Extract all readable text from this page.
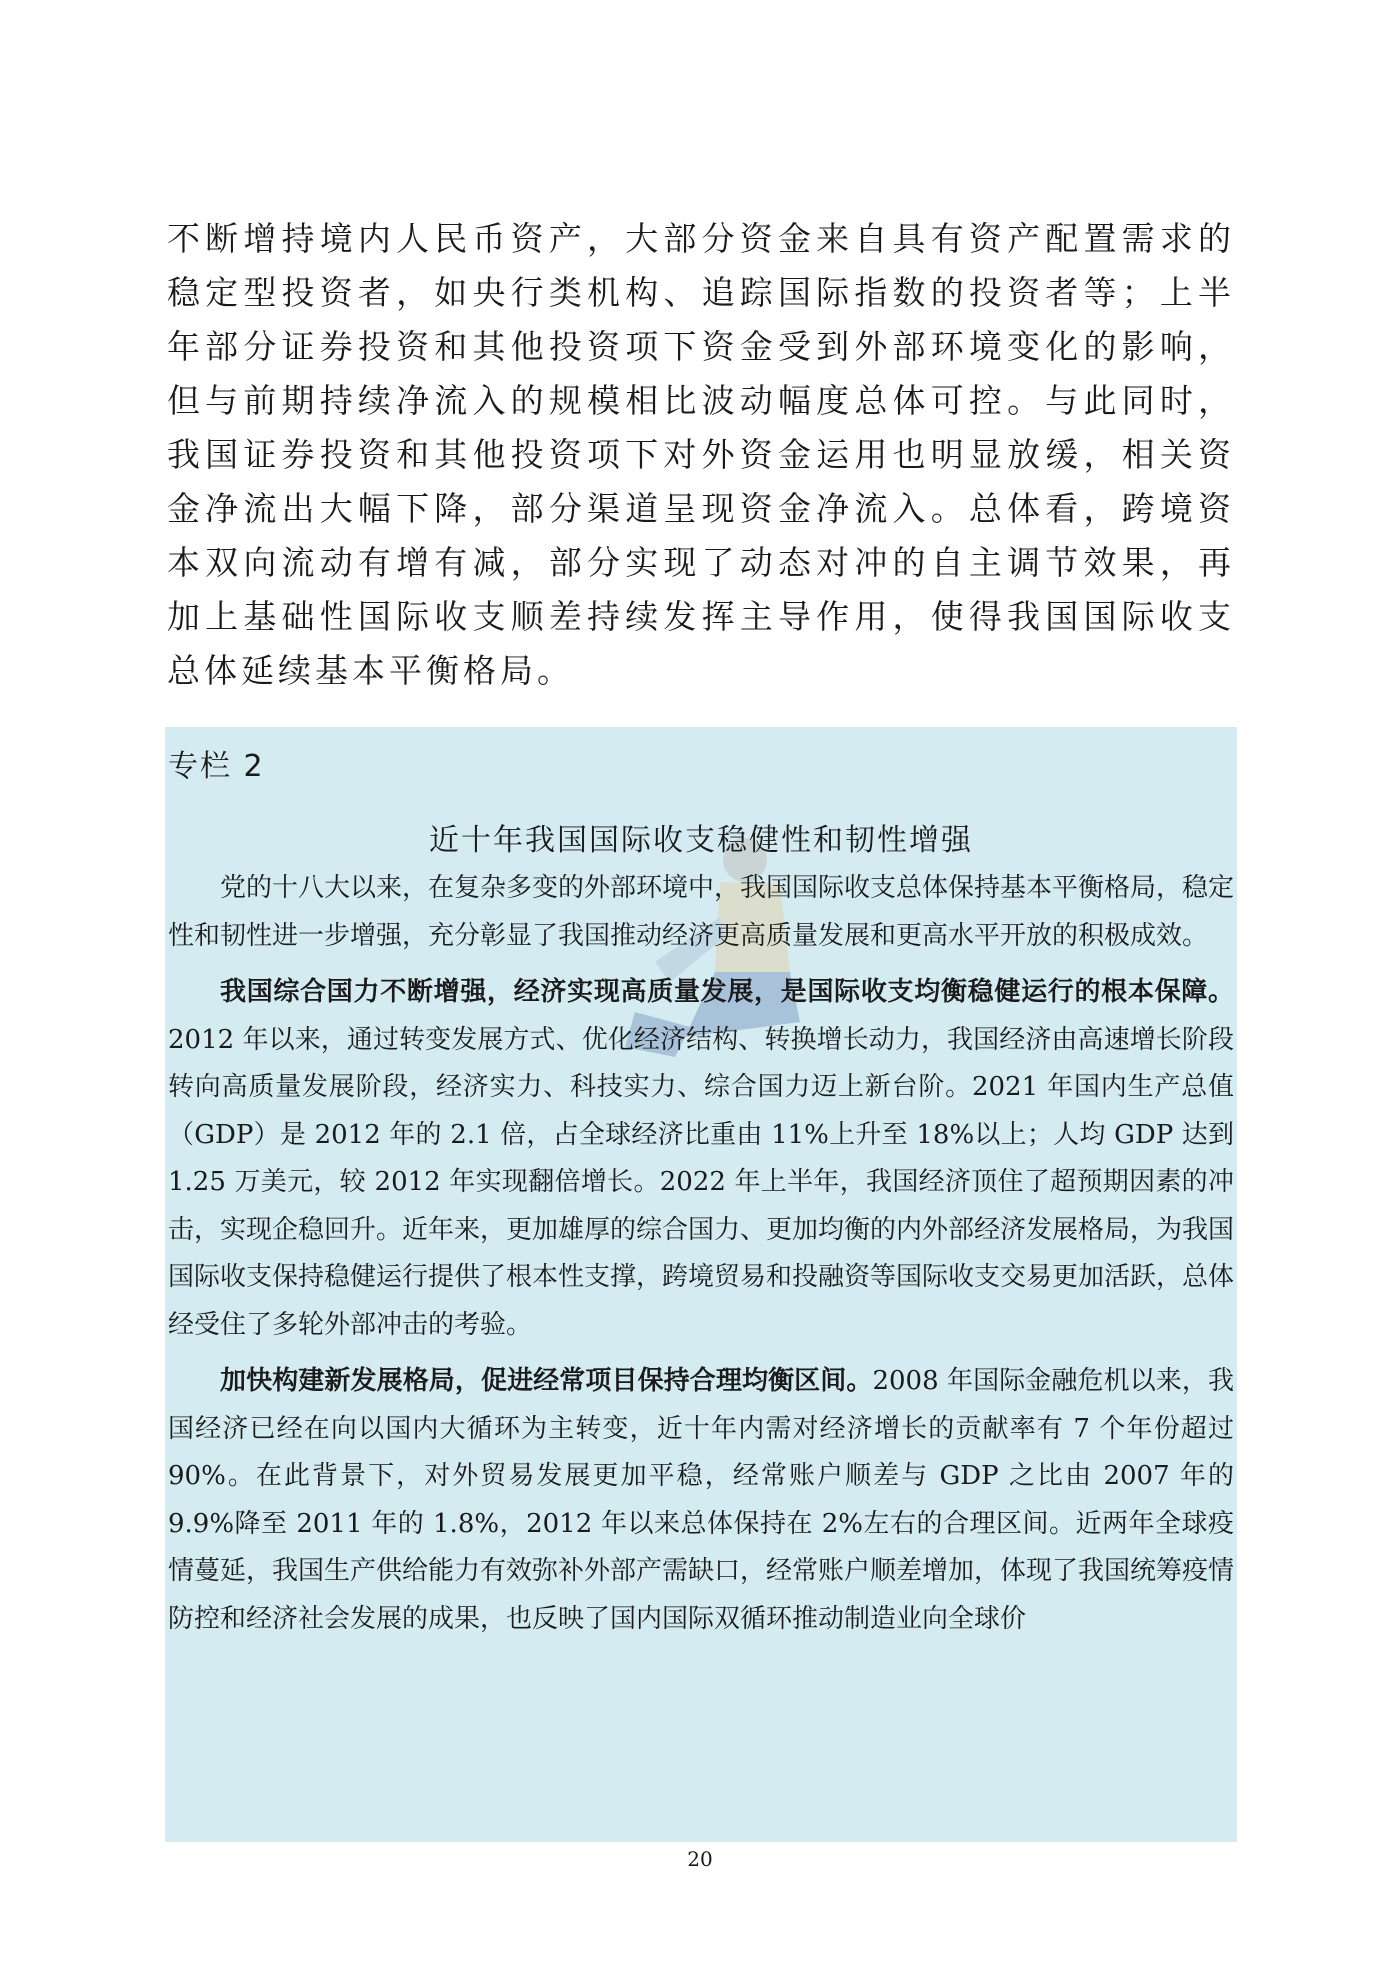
不断增持境内人民币资产，大部分资金来自具有资产配置需求的稳定型投资者，如央行类机构、追踪国际指数的投资者等；上半年部分证券投资和其他投资项下资金受到外部环境变化的影响，但与前期持续净流入的规模相比波动幅度总体可控。与此同时，我国证券投资和其他投资项下对外资金运用也明显放缓，相关资金净流出大幅下降，部分渠道呈现资金净流入。总体看，跨境资本双向流动有增有减，部分实现了动态对冲的自主调节效果，再加上基础性国际收支顺差持续发挥主导作用，使得我国国际收支总体延续基本平衡格局。

专栏 2

近十年我国国际收支稳健性和韧性增强

党的十八大以来，在复杂多变的外部环境中，我国国际收支总体保持基本平衡格局，稳定性和韧性进一步增强，充分彰显了我国推动经济更高质量发展和更高水平开放的积极成效。

我国综合国力不断增强，经济实现高质量发展，是国际收支均衡稳健运行的根本保障。2012 年以来，通过转变发展方式、优化经济结构、转换增长动力，我国经济由高速增长阶段转向高质量发展阶段，经济实力、科技实力、综合国力迈上新台阶。2021 年国内生产总值（GDP）是 2012 年的 2.1 倍，占全球经济比重由 11%上升至 18%以上；人均 GDP 达到 1.25 万美元，较 2012 年实现翻倍增长。2022 年上半年，我国经济顶住了超预期因素的冲击，实现企稳回升。近年来，更加雄厚的综合国力、更加均衡的内外部经济发展格局，为我国国际收支保持稳健运行提供了根本性支撑，跨境贸易和投融资等国际收支交易更加活跃，总体经受住了多轮外部冲击的考验。

加快构建新发展格局，促进经常项目保持合理均衡区间。2008 年国际金融危机以来，我国经济已经在向以国内大循环为主转变，近十年内需对经济增长的贡献率有 7 个年份超过 90%。在此背景下，对外贸易发展更加平稳，经常账户顺差与 GDP 之比由 2007 年的 9.9%降至 2011 年的 1.8%，2012 年以来总体保持在 2%左右的合理区间。近两年全球疫情蔓延，我国生产供给能力有效弥补外部产需缺口，经常账户顺差增加，体现了我国统筹疫情防控和经济社会发展的成果，也反映了国内国际双循环推动制造业向全球价

20
